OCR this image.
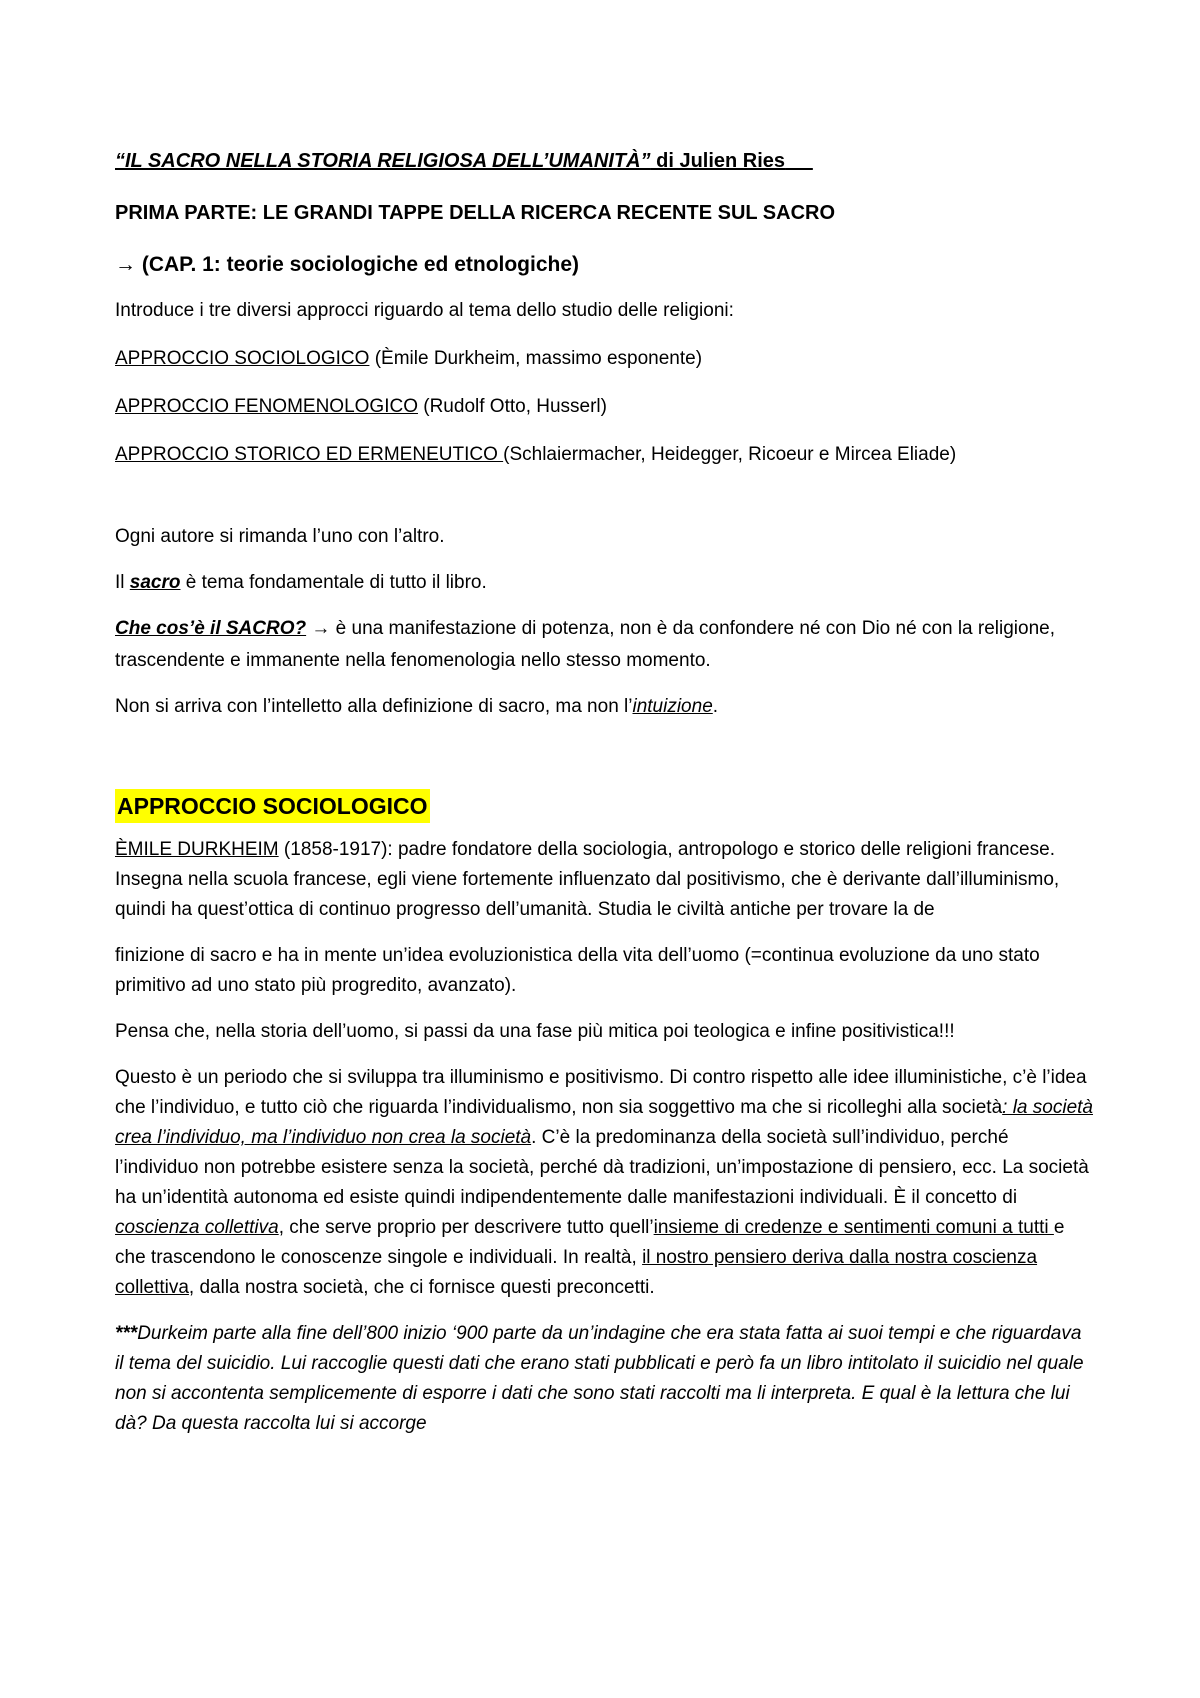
“IL SACRO NELLA STORIA RELIGIOSA DELL’UMANITÀ” di Julien Ries

PRIMA PARTE: LE GRANDI TAPPE DELLA RICERCA RECENTE SUL SACRO

→ (CAP. 1: teorie sociologiche ed etnologiche)

Introduce i tre diversi approcci riguardo al tema dello studio delle religioni:

APPROCCIO SOCIOLOGICO (Èmile Durkheim, massimo esponente)

APPROCCIO FENOMENOLOGICO (Rudolf Otto, Husserl)

APPROCCIO STORICO ED ERMENEUTICO (Schlaiermacher, Heidegger, Ricoeur e Mircea Eliade)

Ogni autore si rimanda l’uno con l’altro.

Il sacro è tema fondamentale di tutto il libro.

Che cos’è il SACRO? → è una manifestazione di potenza, non è da confondere né con Dio né con la religione, trascendente e immanente nella fenomenologia nello stesso momento.

Non si arriva con l’intelletto alla definizione di sacro, ma non l’intuizione.

APPROCCIO SOCIOLOGICO

ÈMILE DURKHEIM (1858-1917): padre fondatore della sociologia, antropologo e storico delle religioni francese. Insegna nella scuola francese, egli viene fortemente influenzato dal positivismo, che è derivante dall’illuminismo, quindi ha quest’ottica di continuo progresso dell’umanità. Studia le civiltà antiche per trovare la de

finizione di sacro e ha in mente un’idea evoluzionistica della vita dell’uomo (=continua evoluzione da uno stato primitivo ad uno stato più progredito, avanzato).

Pensa che, nella storia dell’uomo, si passi da una fase più mitica poi teologica e infine positivistica!!!

Questo è un periodo che si sviluppa tra illuminismo e positivismo. Di contro rispetto alle idee illuministiche, c’è l’idea che l’individuo, e tutto ciò che riguarda l’individualismo, non sia soggettivo ma che si ricolleghi alla società: la società crea l’individuo, ma l’individuo non crea la società. C’è la predominanza della società sull’individuo, perché l’individuo non potrebbe esistere senza la società, perché dà tradizioni, un’impostazione di pensiero, ecc. La società ha un’identità autonoma ed esiste quindi indipendentemente dalle manifestazioni individuali. È il concetto di coscienza collettiva, che serve proprio per descrivere tutto quell’insieme di credenze e sentimenti comuni a tutti e che trascendono le conoscenze singole e individuali. In realtà, il nostro pensiero deriva dalla nostra coscienza collettiva, dalla nostra società, che ci fornisce questi preconcetti.

***Durkeim parte alla fine dell’800 inizio ‘900 parte da un’indagine che era stata fatta ai suoi tempi e che riguardava il tema del suicidio. Lui raccoglie questi dati che erano stati pubblicati e però fa un libro intitolato il suicidio nel quale non si accontenta semplicemente di esporre i dati che sono stati raccolti ma li interpreta. E qual è la lettura che lui dà? Da questa raccolta lui si accorge
